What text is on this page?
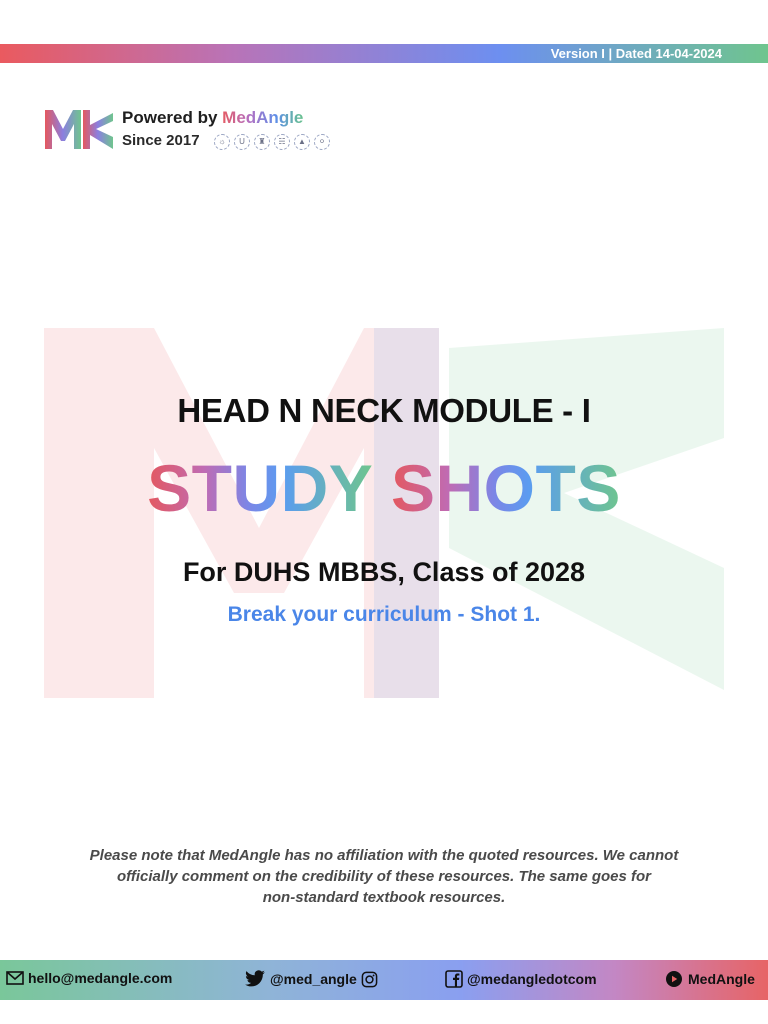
Version I | Dated 14-04-2024
Powered by MedAngle
Since 2017	☼	U	♜	☵	▲	⚪
HEAD N NECK MODULE - I
STUDY SHOTS
For DUHS MBBS, Class of 2028
Break your curriculum - Shot 1.
Please note that MedAngle has no affiliation with the quoted resources. We cannot
officially comment on the credibility of these resources. The same goes for
non-standard textbook resources.
hello@medangle.com	@med_angle	@medangledotcom	MedAngle
